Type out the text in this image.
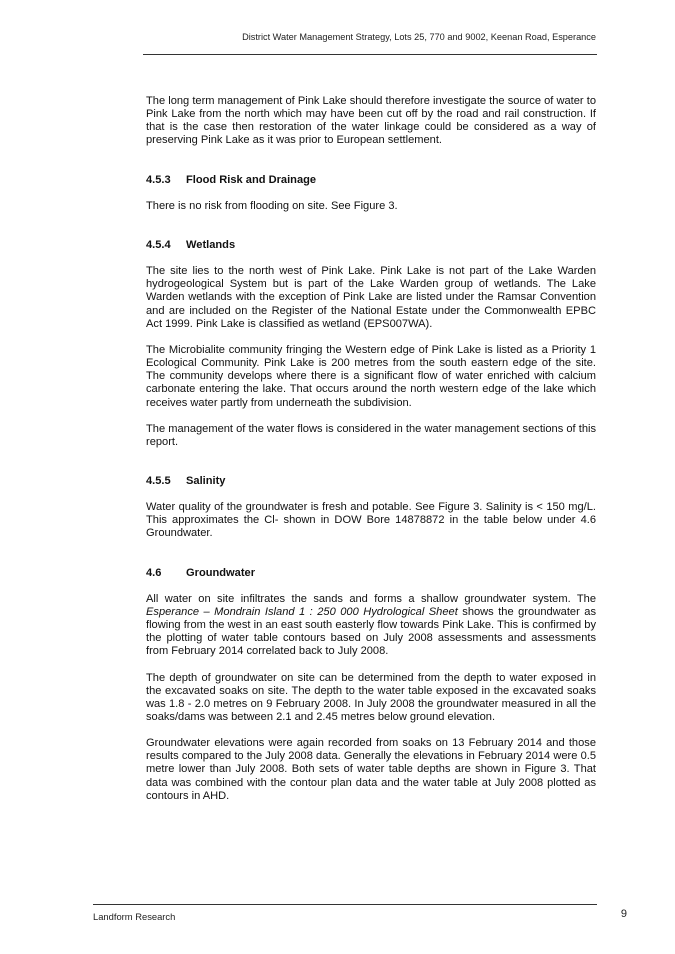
District Water Management Strategy, Lots 25, 770 and 9002, Keenan Road, Esperance

The long term management of Pink Lake should therefore investigate the source of water to Pink Lake from the north which may have been cut off by the road and rail construction. If that is the case then restoration of the water linkage could be considered as a way of preserving Pink Lake as it was prior to European settlement.

4.5.3 Flood Risk and Drainage

There is no risk from flooding on site. See Figure 3.

4.5.4 Wetlands

The site lies to the north west of Pink Lake. Pink Lake is not part of the Lake Warden hydrogeological System but is part of the Lake Warden group of wetlands. The Lake Warden wetlands with the exception of Pink Lake are listed under the Ramsar Convention and are included on the Register of the National Estate under the Commonwealth EPBC Act 1999. Pink Lake is classified as wetland (EPS007WA).

The Microbialite community fringing the Western edge of Pink Lake is listed as a Priority 1 Ecological Community. Pink Lake is 200 metres from the south eastern edge of the site. The community develops where there is a significant flow of water enriched with calcium carbonate entering the lake. That occurs around the north western edge of the lake which receives water partly from underneath the subdivision.

The management of the water flows is considered in the water management sections of this report.

4.5.5 Salinity

Water quality of the groundwater is fresh and potable. See Figure 3. Salinity is < 150 mg/L. This approximates the Cl- shown in DOW Bore 14878872 in the table below under 4.6 Groundwater.

4.6 Groundwater

All water on site infiltrates the sands and forms a shallow groundwater system. The Esperance – Mondrain Island 1 : 250 000 Hydrological Sheet shows the groundwater as flowing from the west in an east south easterly flow towards Pink Lake. This is confirmed by the plotting of water table contours based on July 2008 assessments and assessments from February 2014 correlated back to July 2008.

The depth of groundwater on site can be determined from the depth to water exposed in the excavated soaks on site. The depth to the water table exposed in the excavated soaks was 1.8 - 2.0 metres on 9 February 2008. In July 2008 the groundwater measured in all the soaks/dams was between 2.1 and 2.45 metres below ground elevation.

Groundwater elevations were again recorded from soaks on 13 February 2014 and those results compared to the July 2008 data. Generally the elevations in February 2014 were 0.5 metre lower than July 2008. Both sets of water table depths are shown in Figure 3. That data was combined with the contour plan data and the water table at July 2008 plotted as contours in AHD.

Landform Research	9
